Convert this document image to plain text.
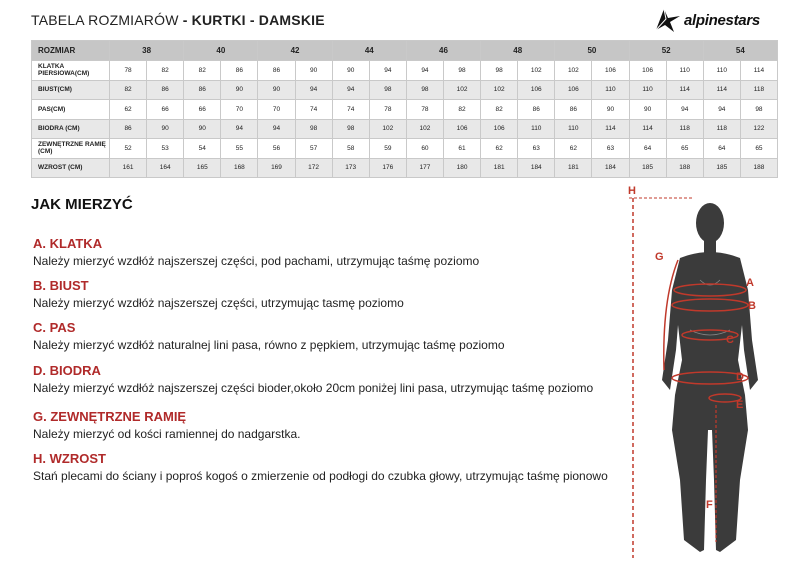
TABELA ROZMIARÓW - KURTKI - DAMSKIE	alpinestars
ROZMIAR	38		40		42		44		46		48		50		52		54	
KLATKA PIERSIOWA(CM)	78	82	82	86	86	90	90	94	94	98	98	102	102	106	106	110	110	114
BIUST(CM)	82	86	86	90	90	94	94	98	98	102	102	106	106	110	110	114	114	118
PAS(CM)	62	66	66	70	70	74	74	78	78	82	82	86	86	90	90	94	94	98
BIODRA (CM)	86	90	90	94	94	98	98	102	102	106	106	110	110	114	114	118	118	122
ZEWNĘTRZNE RAMIĘ (CM)	52	53	54	55	56	57	58	59	60	61	62	63	62	63	64	65	64	65
WZROST (CM)	161	164	165	168	169	172	173	176	177	180	181	184	181	184	185	188	185	188
JAK MIERZYĆ
A. KLATKA
Należy mierzyć wzdłóż najszerszej części, pod pachami, utrzymując taśmę poziomo
B. BIUST
Należy mierzyć wzdłóż najszerszej części, utrzymując tasmę poziomo
C. PAS
Należy mierzyć wzdłóż naturalnej lini pasa, równo z pępkiem, utrzymując taśmę poziomo
D. BIODRA
Należy mierzyć wzdłóż najszerszej części bioder,około 20cm poniżej lini pasa, utrzymując taśmę poziomo
G. ZEWNĘTRZNE RAMIĘ
Należy mierzyć od kości ramiennej do nadgarstka.
H. WZROST
Stań plecami do ściany i poproś kogoś o zmierzenie od podłogi do czubka głowy, utrzymując taśmę pionowo
H
G
A
B
C
D
E
F
